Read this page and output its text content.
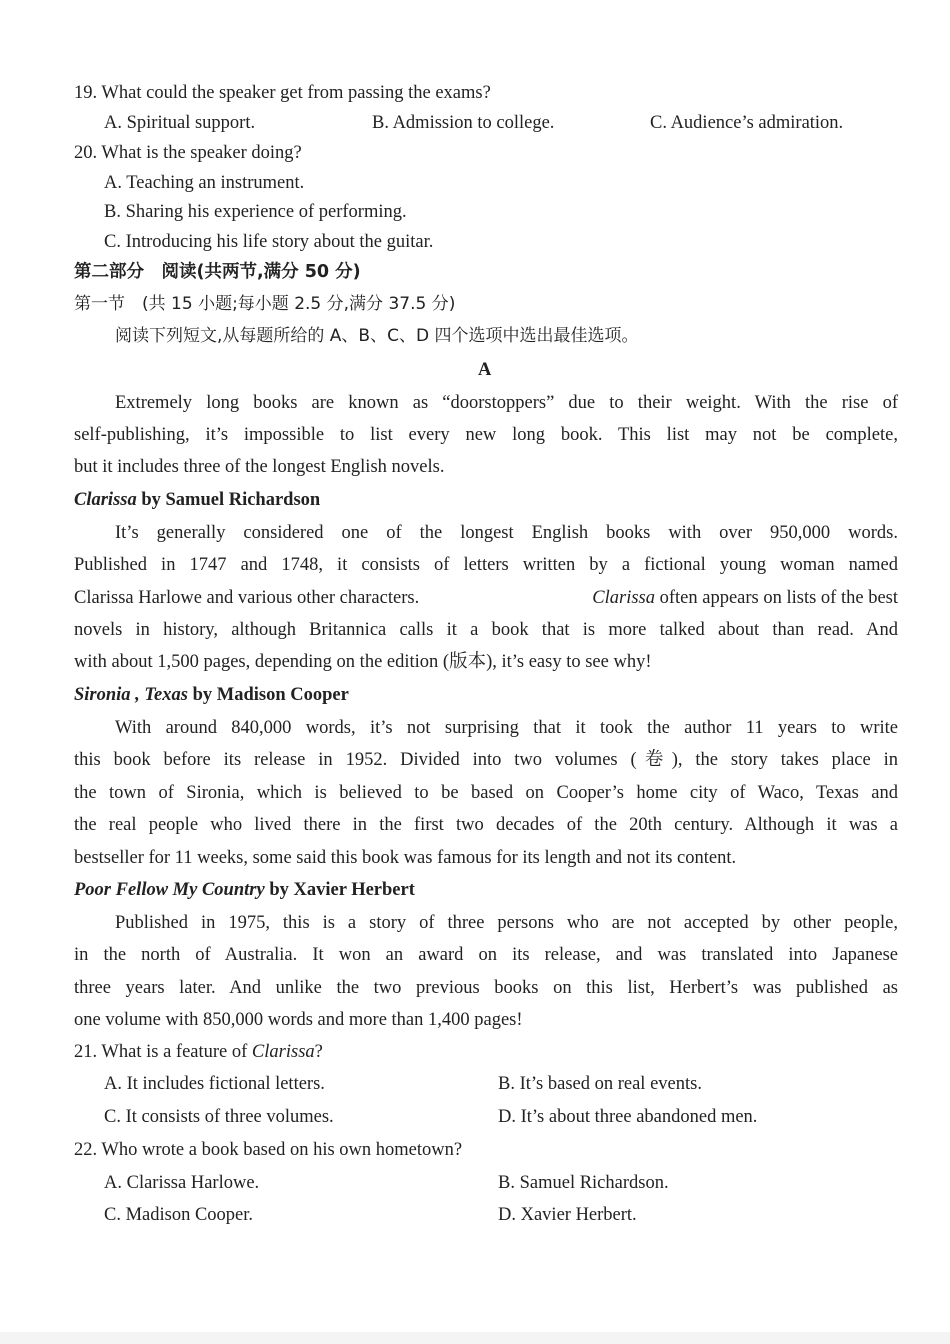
19. What could the speaker get from passing the exams?
A. Spiritual support.	B. Admission to college.	C. Audience’s admiration.
20. What is the speaker doing?
A. Teaching an instrument.
B. Sharing his experience of performing.
C. Introducing his life story about the guitar.
第二部分　阅读(共两节,满分 50 分)
第一节　(共 15 小题;每小题 2.5 分,满分 37.5 分)
阅读下列短文,从每题所给的 A、B、C、D 四个选项中选出最佳选项。
A
Extremely long books are known as “doorstoppers” due to their weight. With the rise of
self-publishing, it’s impossible to list every new long book. This list may not be complete,
but it includes three of the longest English novels.
Clarissa by Samuel Richardson
It’s generally considered one of the longest English books with over 950,000 words.
Published in 1747 and 1748, it consists of letters written by a fictional young woman named
Clarissa Harlowe and various other characters.	Clarissa often appears on lists of the best
novels in history, although Britannica calls it a book that is more talked about than read. And
with about 1,500 pages, depending on the edition (版本), it’s easy to see why!
Sironia , Texas by Madison Cooper
With around 840,000 words, it’s not surprising that it took the author 11 years to write
this book before its release in 1952. Divided into two volumes (卷), the story takes place in
the town of Sironia, which is believed to be based on Cooper’s home city of Waco, Texas and
the real people who lived there in the first two decades of the 20th century. Although it was a
bestseller for 11 weeks, some said this book was famous for its length and not its content.
Poor Fellow My Country by Xavier Herbert
Published in 1975, this is a story of three persons who are not accepted by other people,
in the north of Australia. It won an award on its release, and was translated into Japanese
three years later. And unlike the two previous books on this list, Herbert’s was published as
one volume with 850,000 words and more than 1,400 pages!
21. What is a feature of Clarissa?
A. It includes fictional letters.	B. It’s based on real events.
C. It consists of three volumes.	D. It’s about three abandoned men.
22. Who wrote a book based on his own hometown?
A. Clarissa Harlowe.	B. Samuel Richardson.
C. Madison Cooper.	D. Xavier Herbert.
